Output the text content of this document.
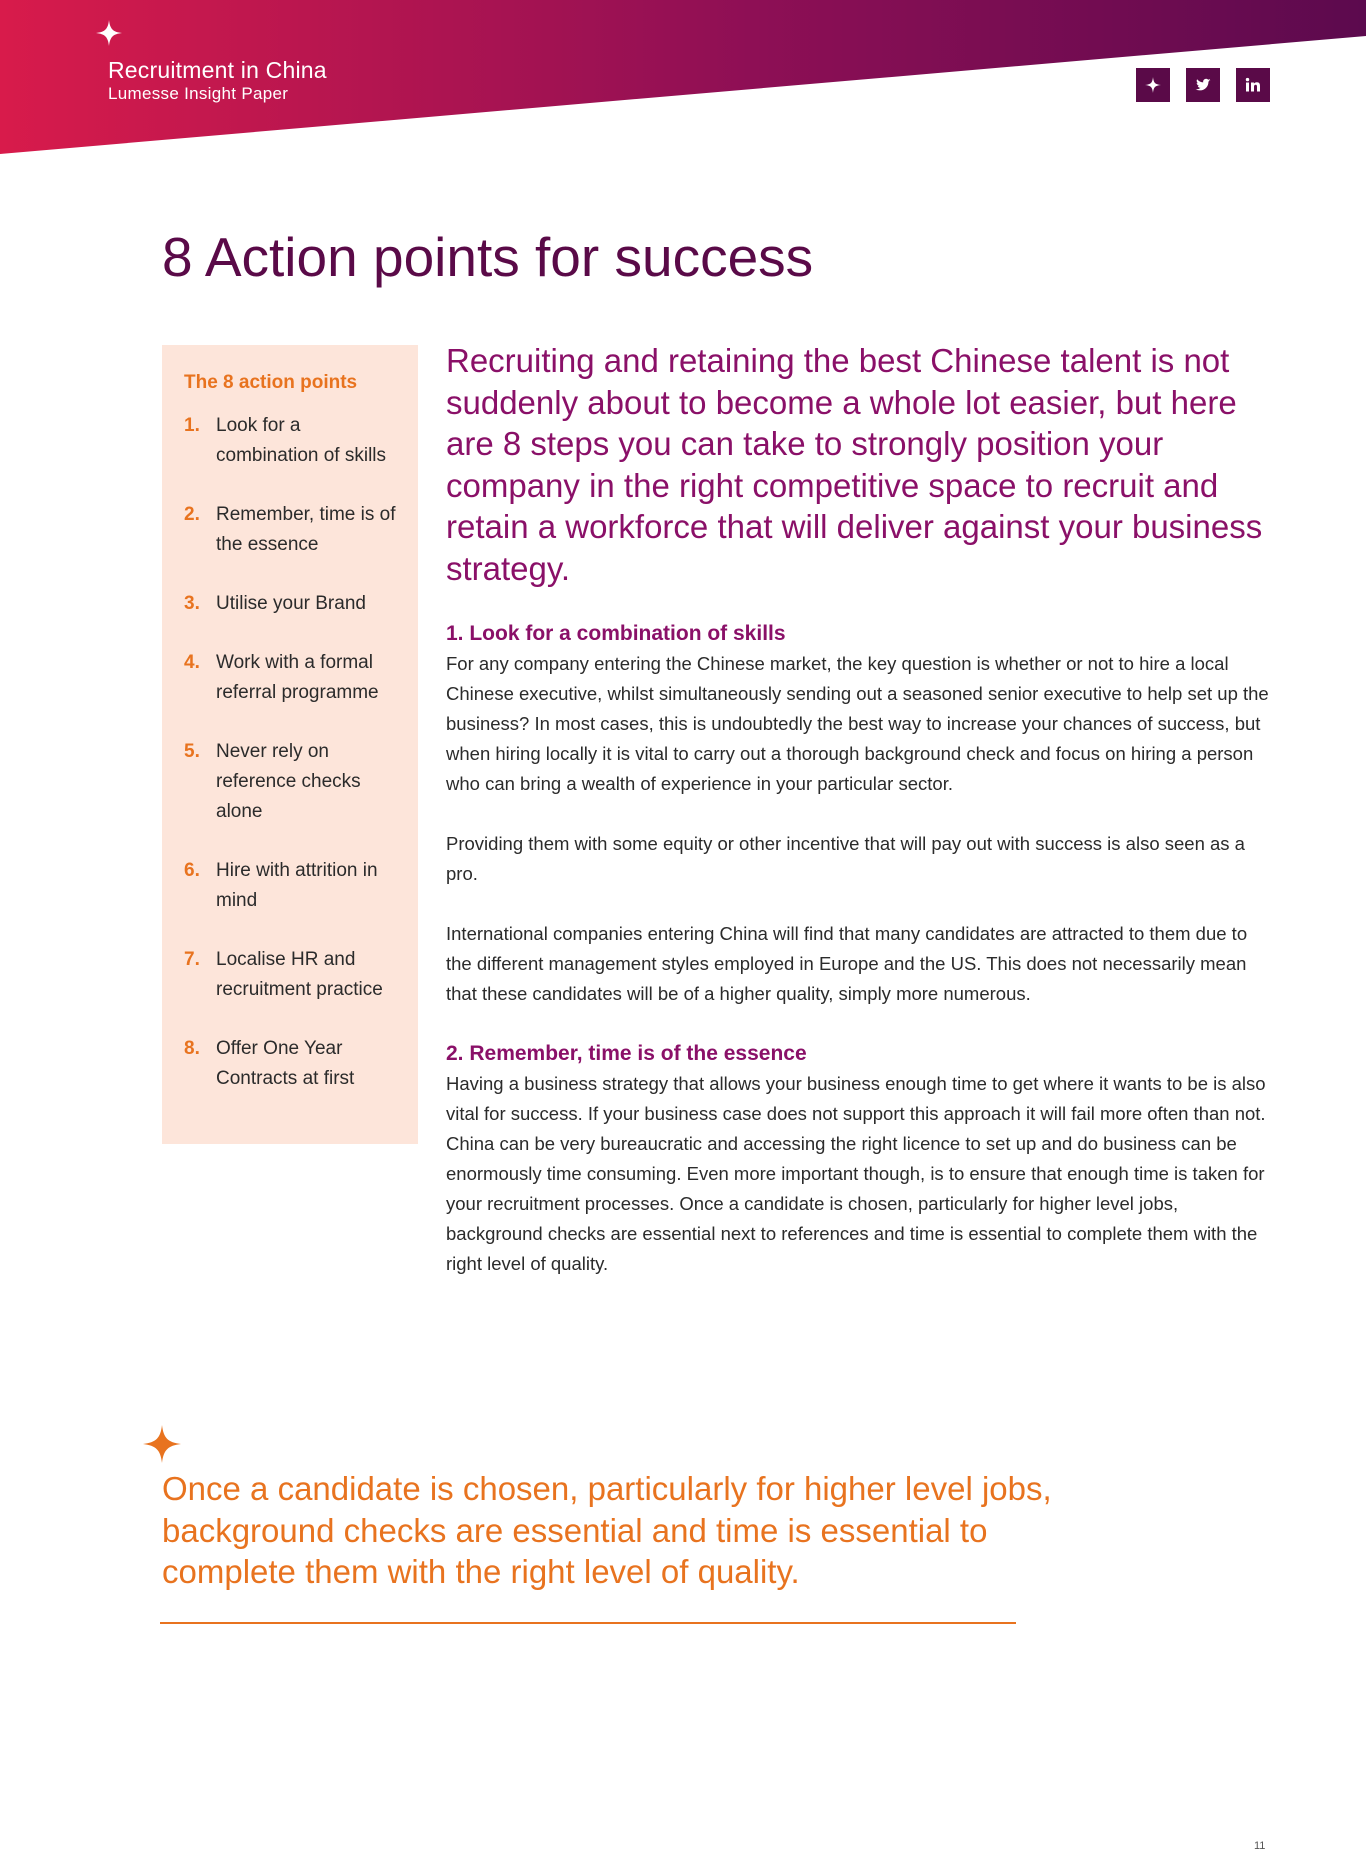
Recruitment in China
Lumesse Insight Paper
8 Action points for success
The 8 action points
1. Look for a combination of skills
2. Remember, time is of the essence
3. Utilise your Brand
4. Work with a formal referral programme
5. Never rely on reference checks alone
6. Hire with attrition in mind
7. Localise HR and recruitment practice
8. Offer One Year Contracts at first

Recruiting and retaining the best Chinese talent is not suddenly about to become a whole lot easier, but here are 8 steps you can take to strongly position your company in the right competitive space to recruit and retain a workforce that will deliver against your business strategy.

1. Look for a combination of skills

For any company entering the Chinese market, the key question is whether or not to hire a local Chinese executive, whilst simultaneously sending out a seasoned senior executive to help set up the business? In most cases, this is undoubtedly the best way to increase your chances of success, but when hiring locally it is vital to carry out a thorough background check and focus on hiring a person who can bring a wealth of experience in your particular sector.

Providing them with some equity or other incentive that will pay out with success is also seen as a pro.

International companies entering China will find that many candidates are attracted to them due to the different management styles employed in Europe and the US. This does not necessarily mean that these candidates will be of a higher quality, simply more numerous.

2. Remember, time is of the essence

Having a business strategy that allows your business enough time to get where it wants to be is also vital for success. If your business case does not support this approach it will fail more often than not. China can be very bureaucratic and accessing the right licence to set up and do business can be enormously time consuming. Even more important though, is to ensure that enough time is taken for your recruitment processes. Once a candidate is chosen, particularly for higher level jobs, background checks are essential next to references and time is essential to complete them with the right level of quality.

Once a candidate is chosen, particularly for higher level jobs, background checks are essential and time is essential to complete them with the right level of quality.

11
